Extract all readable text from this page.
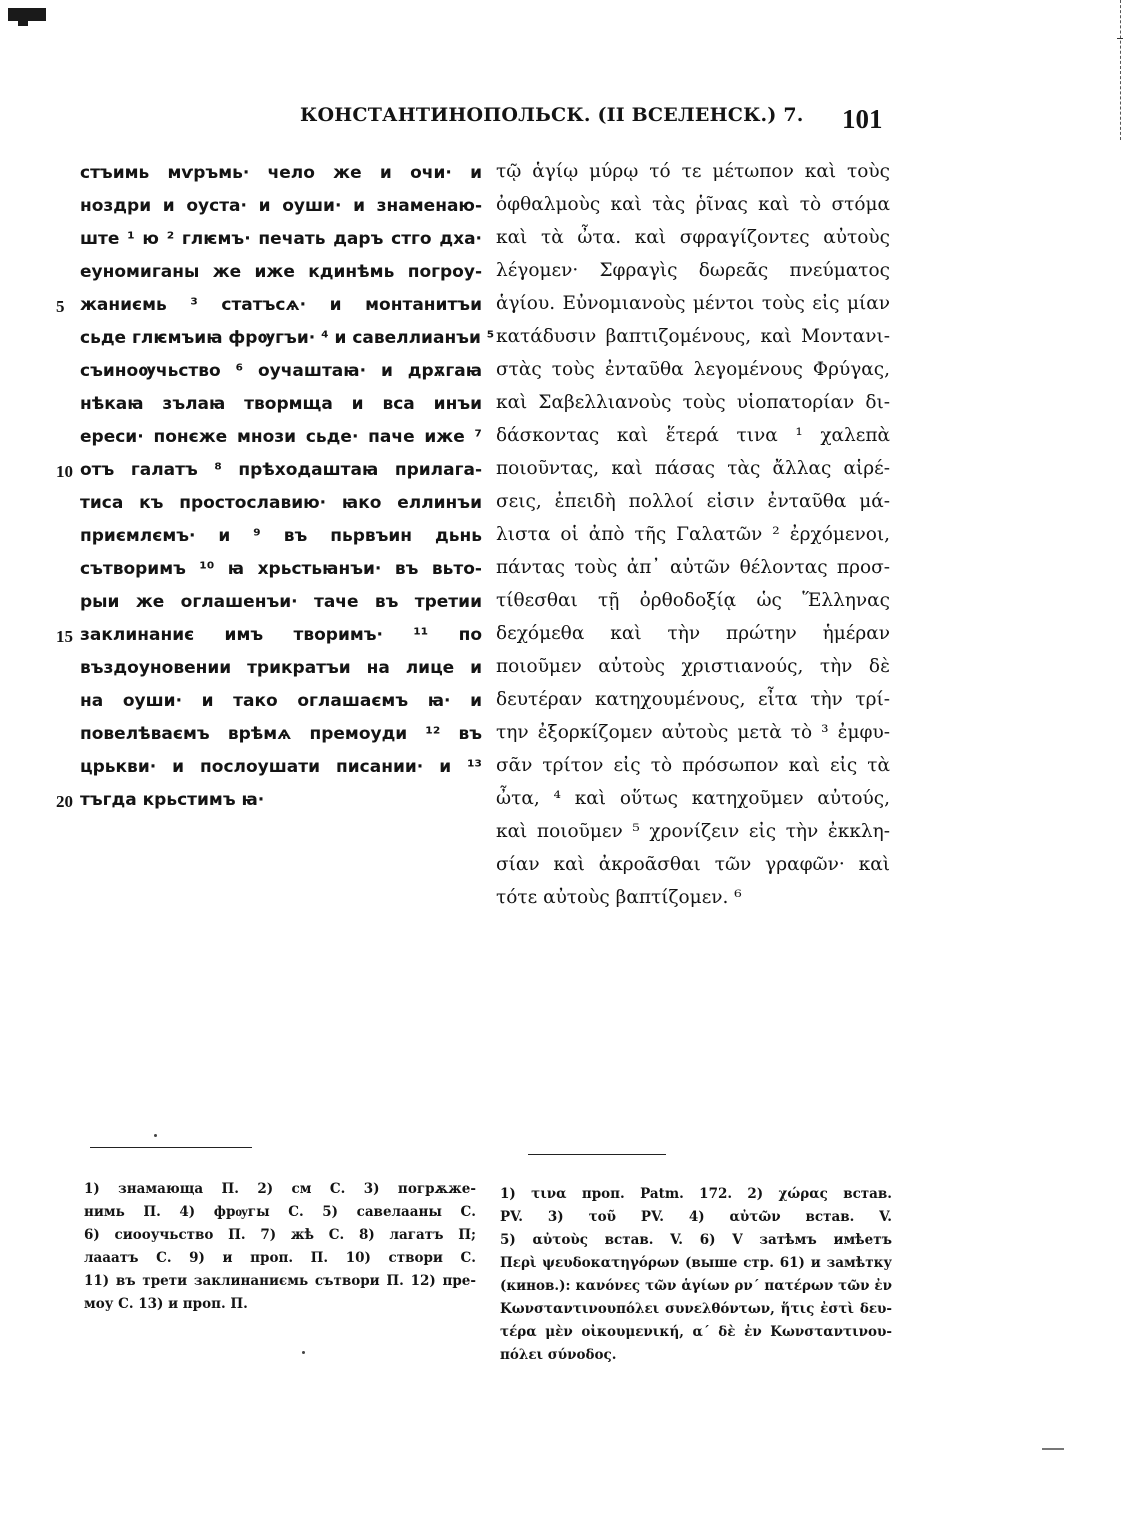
КОНСТАНТИНОПОЛЬСК. (II ВСЕЛЕНСК.) 7. 101
стъимь мѵръмь· чело же и очи· и
ноздри и оуста· и оуши· и знаменаю-
ште ¹ ю ² глѥмъ· печать даръ стго дха·
еуномиганы же иже кдинѣмь погроу-
жаниємь ³ статъсѧ· и монтанитъи
сьде глѥмъиꙗ фрѹгъи· ⁴ и савеллианъи ⁵
съиноѹчьство ⁶ оучаштаꙗ· и дрѫгаꙗ
нѣкаꙗ зълаꙗ твормща и вса инъи
ереси· понєже мнози сьде· паче иже ⁷
отъ галатъ ⁸ прѣходаштаꙗ прилага-
тиса къ простославию· ꙗко еллинъи
приємлємъ· и ⁹ въ пьрвъин дьнь
сътворимъ ¹⁰ ꙗ хрьстьꙗнъи· въ вьто-
рыи же оглашенъи· таче въ третии
заклинаниє имъ творимъ· ¹¹ по
въздоуновении трикратъи на лице и
на оуши· и тако оглашаємъ ꙗ· и
повелѣваємъ врѣмѧ премоуди ¹² въ
црькви· и послоушати писании· и ¹³
тъгда крьстимъ ꙗ·
5
10
15
20
τῷ ἁγίῳ μύρῳ τό τε μέτωπον καὶ τοὺς
ὀφθαλμοὺς καὶ τὰς ῥῖνας καὶ τὸ στόμα
καὶ τὰ ὦτα. καὶ σφραγίζοντες αὐτοὺς
λέγομεν· Σφραγὶς δωρεᾶς πνεύματος
ἁγίου. Εὐνομιανοὺς μέντοι τοὺς εἰς μίαν
κατάδυσιν βαπτιζομένους, καὶ Μοντανι-
στὰς τοὺς ἐνταῦθα λεγομένους Φρύγας,
καὶ Σαβελλιανοὺς τοὺς υἱοπατορίαν δι-
δάσκοντας καὶ ἕτερά τινα ¹ χαλεπὰ
ποιοῦντας, καὶ πάσας τὰς ἄλλας αἱρέ-
σεις, ἐπειδὴ πολλοί εἰσιν ἐνταῦθα μά-
λιστα οἱ ἀπὸ τῆς Γαλατῶν ² ἐρχόμενοι,
πάντας τοὺς ἀπ᾽ αὐτῶν θέλοντας προσ-
τίθεσθαι τῇ ὀρθοδοξίᾳ ὡς Ἕλληνας
δεχόμεθα καὶ τὴν πρώτην ἡμέραν
ποιοῦμεν αὐτοὺς χριστιανούς, τὴν δὲ
δευτέραν κατηχουμένους, εἶτα τὴν τρί-
την ἐξορκίζομεν αὐτοὺς μετὰ τὸ ³ ἐμφυ-
σᾶν τρίτον εἰς τὸ πρόσωπον καὶ εἰς τὰ
ὦτα, ⁴ καὶ οὕτως κατηχοῦμεν αὐτούς,
καὶ ποιοῦμεν ⁵ χρονίζειν εἰς τὴν ἐκκλη-
σίαν καὶ ἀκροᾶσθαι τῶν γραφῶν· καὶ
τότε αὐτοὺς βαπτίζομεν. ⁶
1) знамающа П. 2) см С. 3) погрѫже-
нимь П. 4) фрѹгы С. 5) савелааны С.
6) сиооучьство П. 7) жѣ С. 8) лагатъ П;
лааатъ С. 9) и проп. П. 10) створи С.
11) въ трети заклинаниємь сътвори П. 12) пре-
моу С. 13) и проп. П.
1) τινα проп. Patm. 172. 2) χώρας встав.
PV. 3) τοῦ PV. 4) αὐτῶν встав. V.
5) αὐτοὺς встав. V. 6) V затѣмъ имѣетъ
Περὶ ψευδοκατηγόρων (выше стр. 61) и замѣтку
(кинов.): κανόνες τῶν ἁγίων ρν´ πατέρων τῶν ἐν
Κωνσταντινουπόλει συνελθόντων, ἥτις ἐστὶ δευ-
τέρα μὲν οἰκουμενική, α´ δὲ ἐν Κωνσταντινου-
πόλει σύνοδος.
